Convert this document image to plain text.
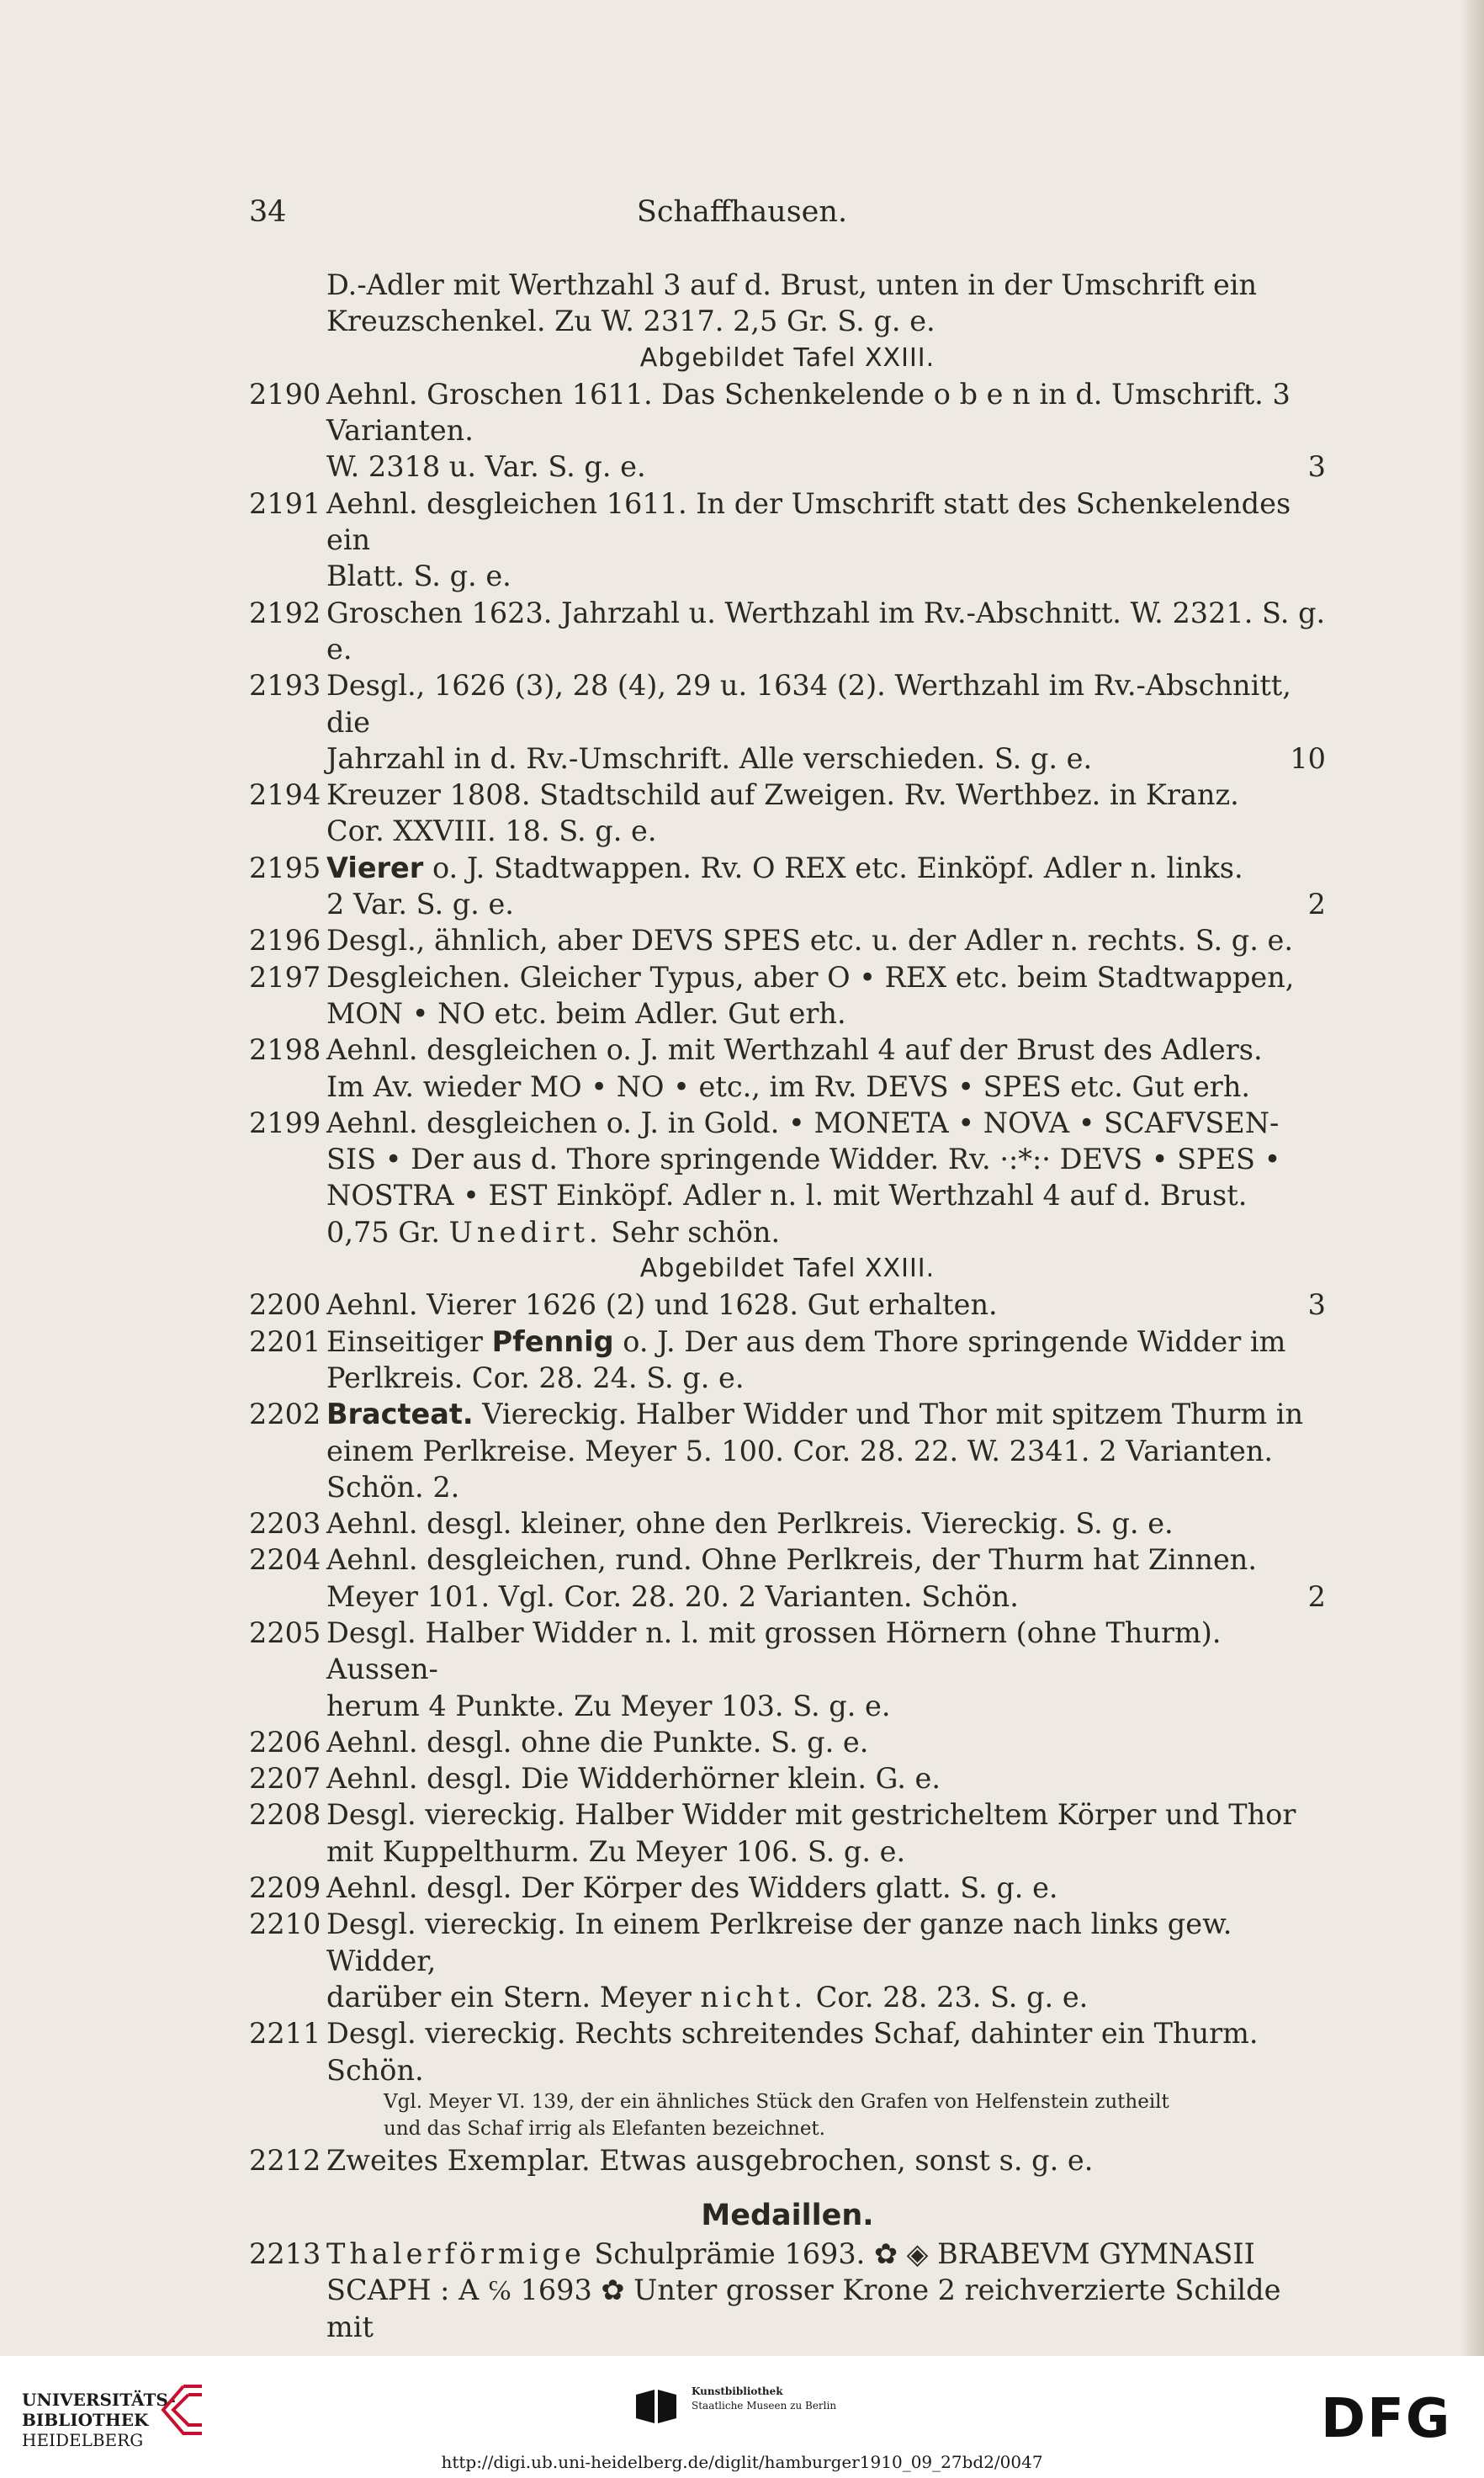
Schaffhausen.
34
D.-Adler mit Werthzahl 3 auf d. Brust, unten in der Umschrift ein
Kreuzschenkel. Zu W. 2317. 2,5 Gr. S. g. e.
Abgebildet Tafel XXIII.
2190 Aehnl. Groschen 1611. Das Schenkelende o b e n in d. Umschrift. 3 Varianten.
W. 2318 u. Var. S. g. e.	3
2191 Aehnl. desgleichen 1611. In der Umschrift statt des Schenkelendes ein
Blatt. S. g. e.
2192 Groschen 1623. Jahrzahl u. Werthzahl im Rv.-Abschnitt. W. 2321. S. g. e.
2193 Desgl., 1626 (3), 28 (4), 29 u. 1634 (2). Werthzahl im Rv.-Abschnitt, die
Jahrzahl in d. Rv.-Umschrift. Alle verschieden. S. g. e.	10
2194 Kreuzer 1808. Stadtschild auf Zweigen. Rv. Werthbez. in Kranz.
Cor. XXVIII. 18. S. g. e.
2195 Vierer o. J. Stadtwappen. Rv. O REX etc. Einköpf. Adler n. links.
2 Var. S. g. e.	2
2196 Desgl., ähnlich, aber DEVS SPES etc. u. der Adler n. rechts. S. g. e.
2197 Desgleichen. Gleicher Typus, aber O • REX etc. beim Stadtwappen,
MON • NO etc. beim Adler. Gut erh.
2198 Aehnl. desgleichen o. J. mit Werthzahl 4 auf der Brust des Adlers.
Im Av. wieder MO • NO • etc., im Rv. DEVS • SPES etc. Gut erh.
2199 Aehnl. desgleichen o. J. in Gold. • MONETA • NOVA • SCAFVSEN-
SIS • Der aus d. Thore springende Widder. Rv. ·:*:· DEVS • SPES •
NOSTRA • EST Einköpf. Adler n. l. mit Werthzahl 4 auf d. Brust.
0,75 Gr. Unedirt. Sehr schön.
Abgebildet Tafel XXIII.
2200 Aehnl. Vierer 1626 (2) und 1628. Gut erhalten.	3
2201 Einseitiger Pfennig o. J. Der aus dem Thore springende Widder im
Perlkreis. Cor. 28. 24. S. g. e.
2202 Bracteat. Viereckig. Halber Widder und Thor mit spitzem Thurm in
einem Perlkreise. Meyer 5. 100. Cor. 28. 22. W. 2341. 2 Varianten. Schön. 2.
2203 Aehnl. desgl. kleiner, ohne den Perlkreis. Viereckig. S. g. e.
2204 Aehnl. desgleichen, rund. Ohne Perlkreis, der Thurm hat Zinnen.
Meyer 101. Vgl. Cor. 28. 20. 2 Varianten. Schön.	2
2205 Desgl. Halber Widder n. l. mit grossen Hörnern (ohne Thurm). Aussen-
herum 4 Punkte. Zu Meyer 103. S. g. e.
2206 Aehnl. desgl. ohne die Punkte. S. g. e.
2207 Aehnl. desgl. Die Widderhörner klein. G. e.
2208 Desgl. viereckig. Halber Widder mit gestricheltem Körper und Thor
mit Kuppelthurm. Zu Meyer 106. S. g. e.
2209 Aehnl. desgl. Der Körper des Widders glatt. S. g. e.
2210 Desgl. viereckig. In einem Perlkreise der ganze nach links gew. Widder,
darüber ein Stern. Meyer nicht. Cor. 28. 23. S. g. e.
2211 Desgl. viereckig. Rechts schreitendes Schaf, dahinter ein Thurm. Schön.
Vgl. Meyer VI. 139, der ein ähnliches Stück den Grafen von Helfenstein zutheilt
und das Schaf irrig als Elefanten bezeichnet.
2212 Zweites Exemplar. Etwas ausgebrochen, sonst s. g. e.
Medaillen.
2213 Thalerförmige Schulprämie 1693. ✿ ◈ BRABEVM GYMNASII
SCAPH : A ℅ 1693 ✿ Unter grosser Krone 2 reichverzierte Schilde mit
UNIVERSITÄTS-
BIBLIOTHEK
HEIDELBERG
Kunstbibliothek
Staatliche Museen zu Berlin	DFG
http://digi.ub.uni-heidelberg.de/diglit/hamburger1910_09_27bd2/0047
